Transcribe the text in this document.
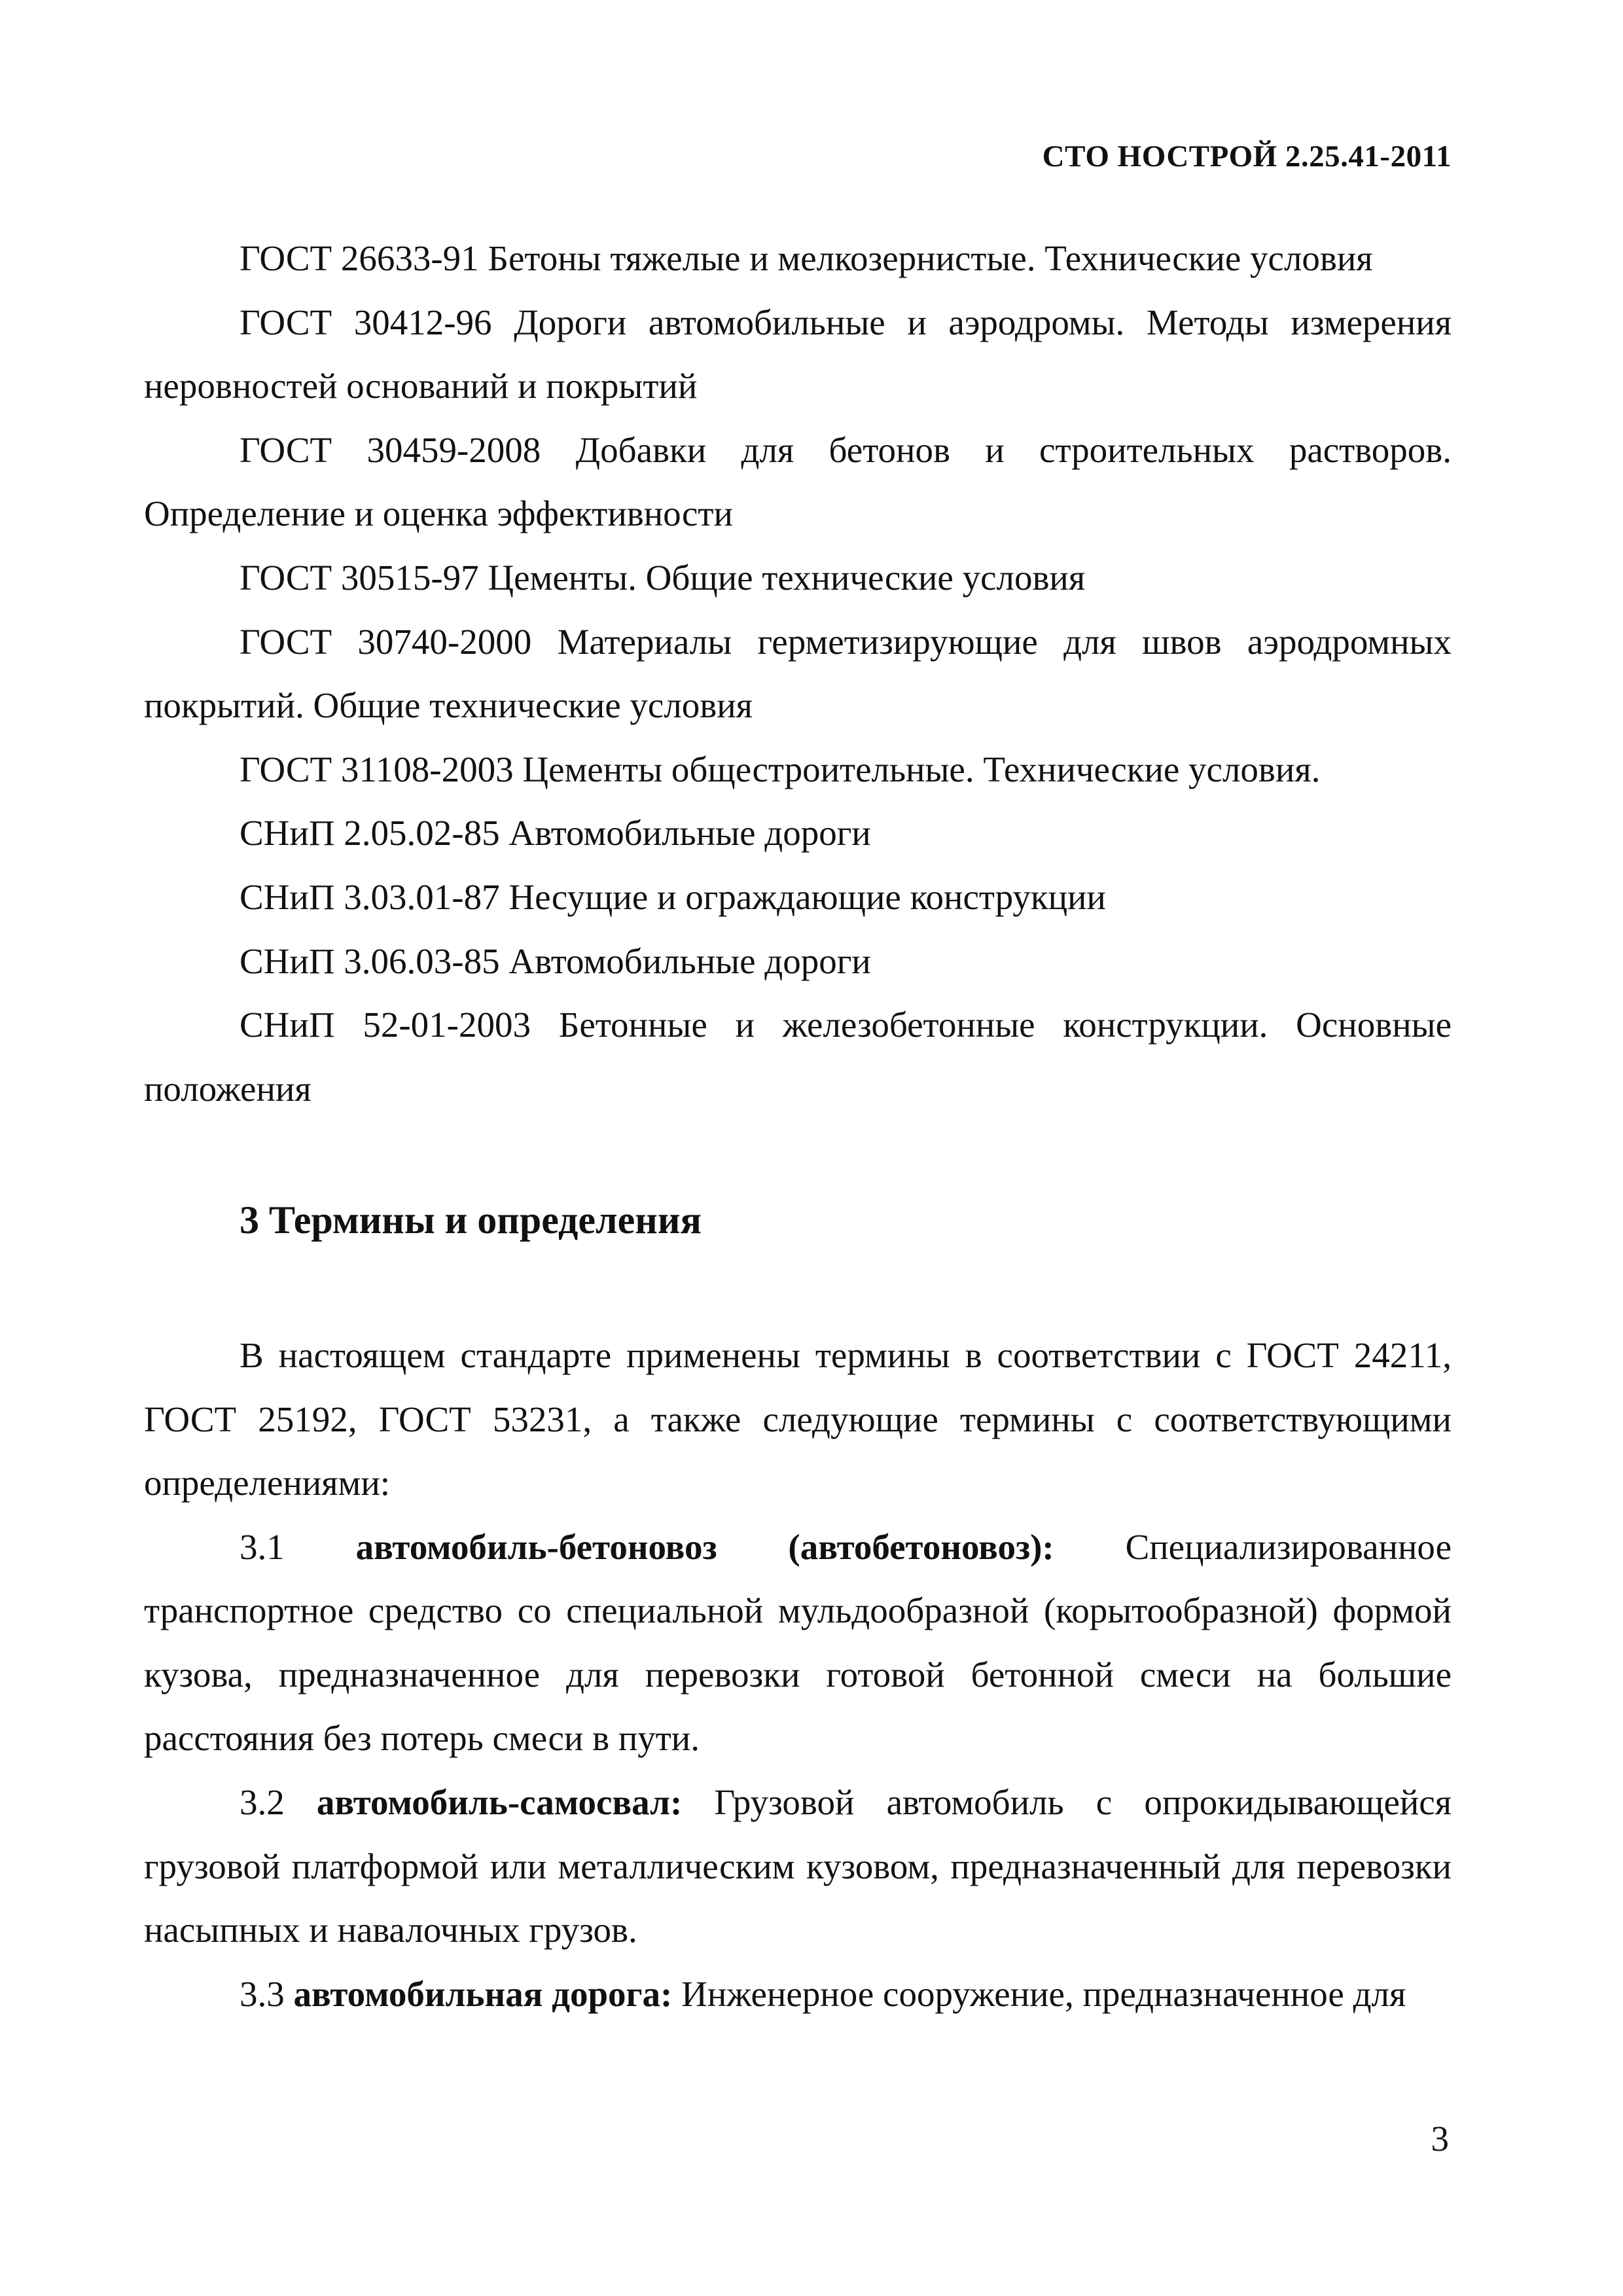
СТО НОСТРОЙ 2.25.41-2011

ГОСТ 26633-91 Бетоны тяжелые и мелкозернистые. Технические условия

ГОСТ 30412-96 Дороги автомобильные и аэродромы. Методы измерения неровностей оснований и покрытий

ГОСТ 30459-2008 Добавки для бетонов и строительных растворов. Определение и оценка эффективности

ГОСТ 30515-97 Цементы. Общие технические условия

ГОСТ 30740-2000 Материалы герметизирующие для швов аэродромных покрытий. Общие технические условия

ГОСТ 31108-2003 Цементы общестроительные. Технические условия.

СНиП 2.05.02-85 Автомобильные дороги

СНиП 3.03.01-87 Несущие и ограждающие конструкции

СНиП 3.06.03-85 Автомобильные дороги

СНиП 52-01-2003 Бетонные и железобетонные конструкции. Основные положения

3 Термины и определения

В настоящем стандарте применены термины в соответствии с ГОСТ 24211, ГОСТ 25192, ГОСТ 53231, а также следующие термины с соответствующими определениями:

3.1 автомобиль-бетоновоз (автобетоновоз): Специализированное транспортное средство со специальной мульдообразной (корытообразной) формой кузова, предназначенное для перевозки готовой бетонной смеси на большие расстояния без потерь смеси в пути.

3.2 автомобиль-самосвал: Грузовой автомобиль с опрокидывающейся грузовой платформой или металлическим кузовом, предназначенный для перевозки насыпных и навалочных грузов.

3.3 автомобильная дорога: Инженерное сооружение, предназначенное для

3
